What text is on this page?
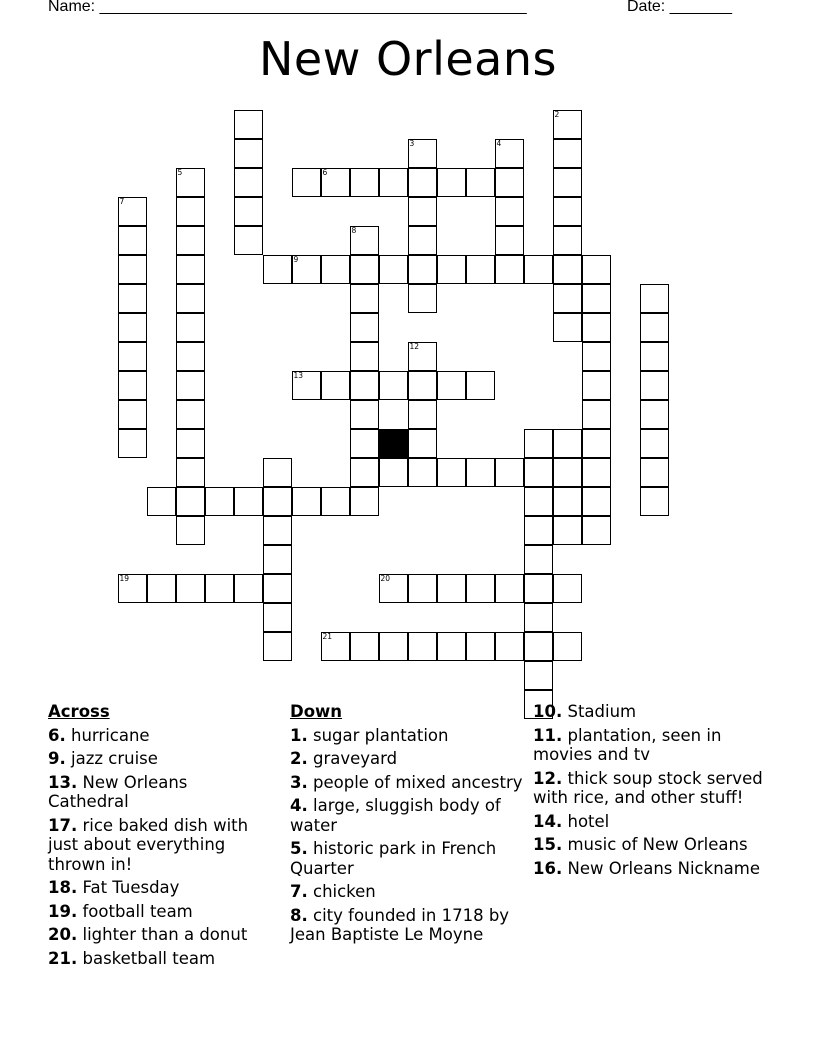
Name: ________________________________________________	Date: _______
New Orleans
2
3	4
5	6
7
8
9
12
13
19	20
21
Across
6. hurricane
9. jazz cruise
13. New Orleans Cathedral
17. rice baked dish with just about everything thrown in!
18. Fat Tuesday
19. football team
20. lighter than a donut
21. basketball team
Down
1. sugar plantation
2. graveyard
3. people of mixed ancestry
4. large, sluggish body of water
5. historic park in French Quarter
7. chicken
8. city founded in 1718 by Jean Baptiste Le Moyne
10. Stadium
11. plantation, seen in movies and tv
12. thick soup stock served with rice, and other stuff!
14. hotel
15. music of New Orleans
16. New Orleans Nickname
